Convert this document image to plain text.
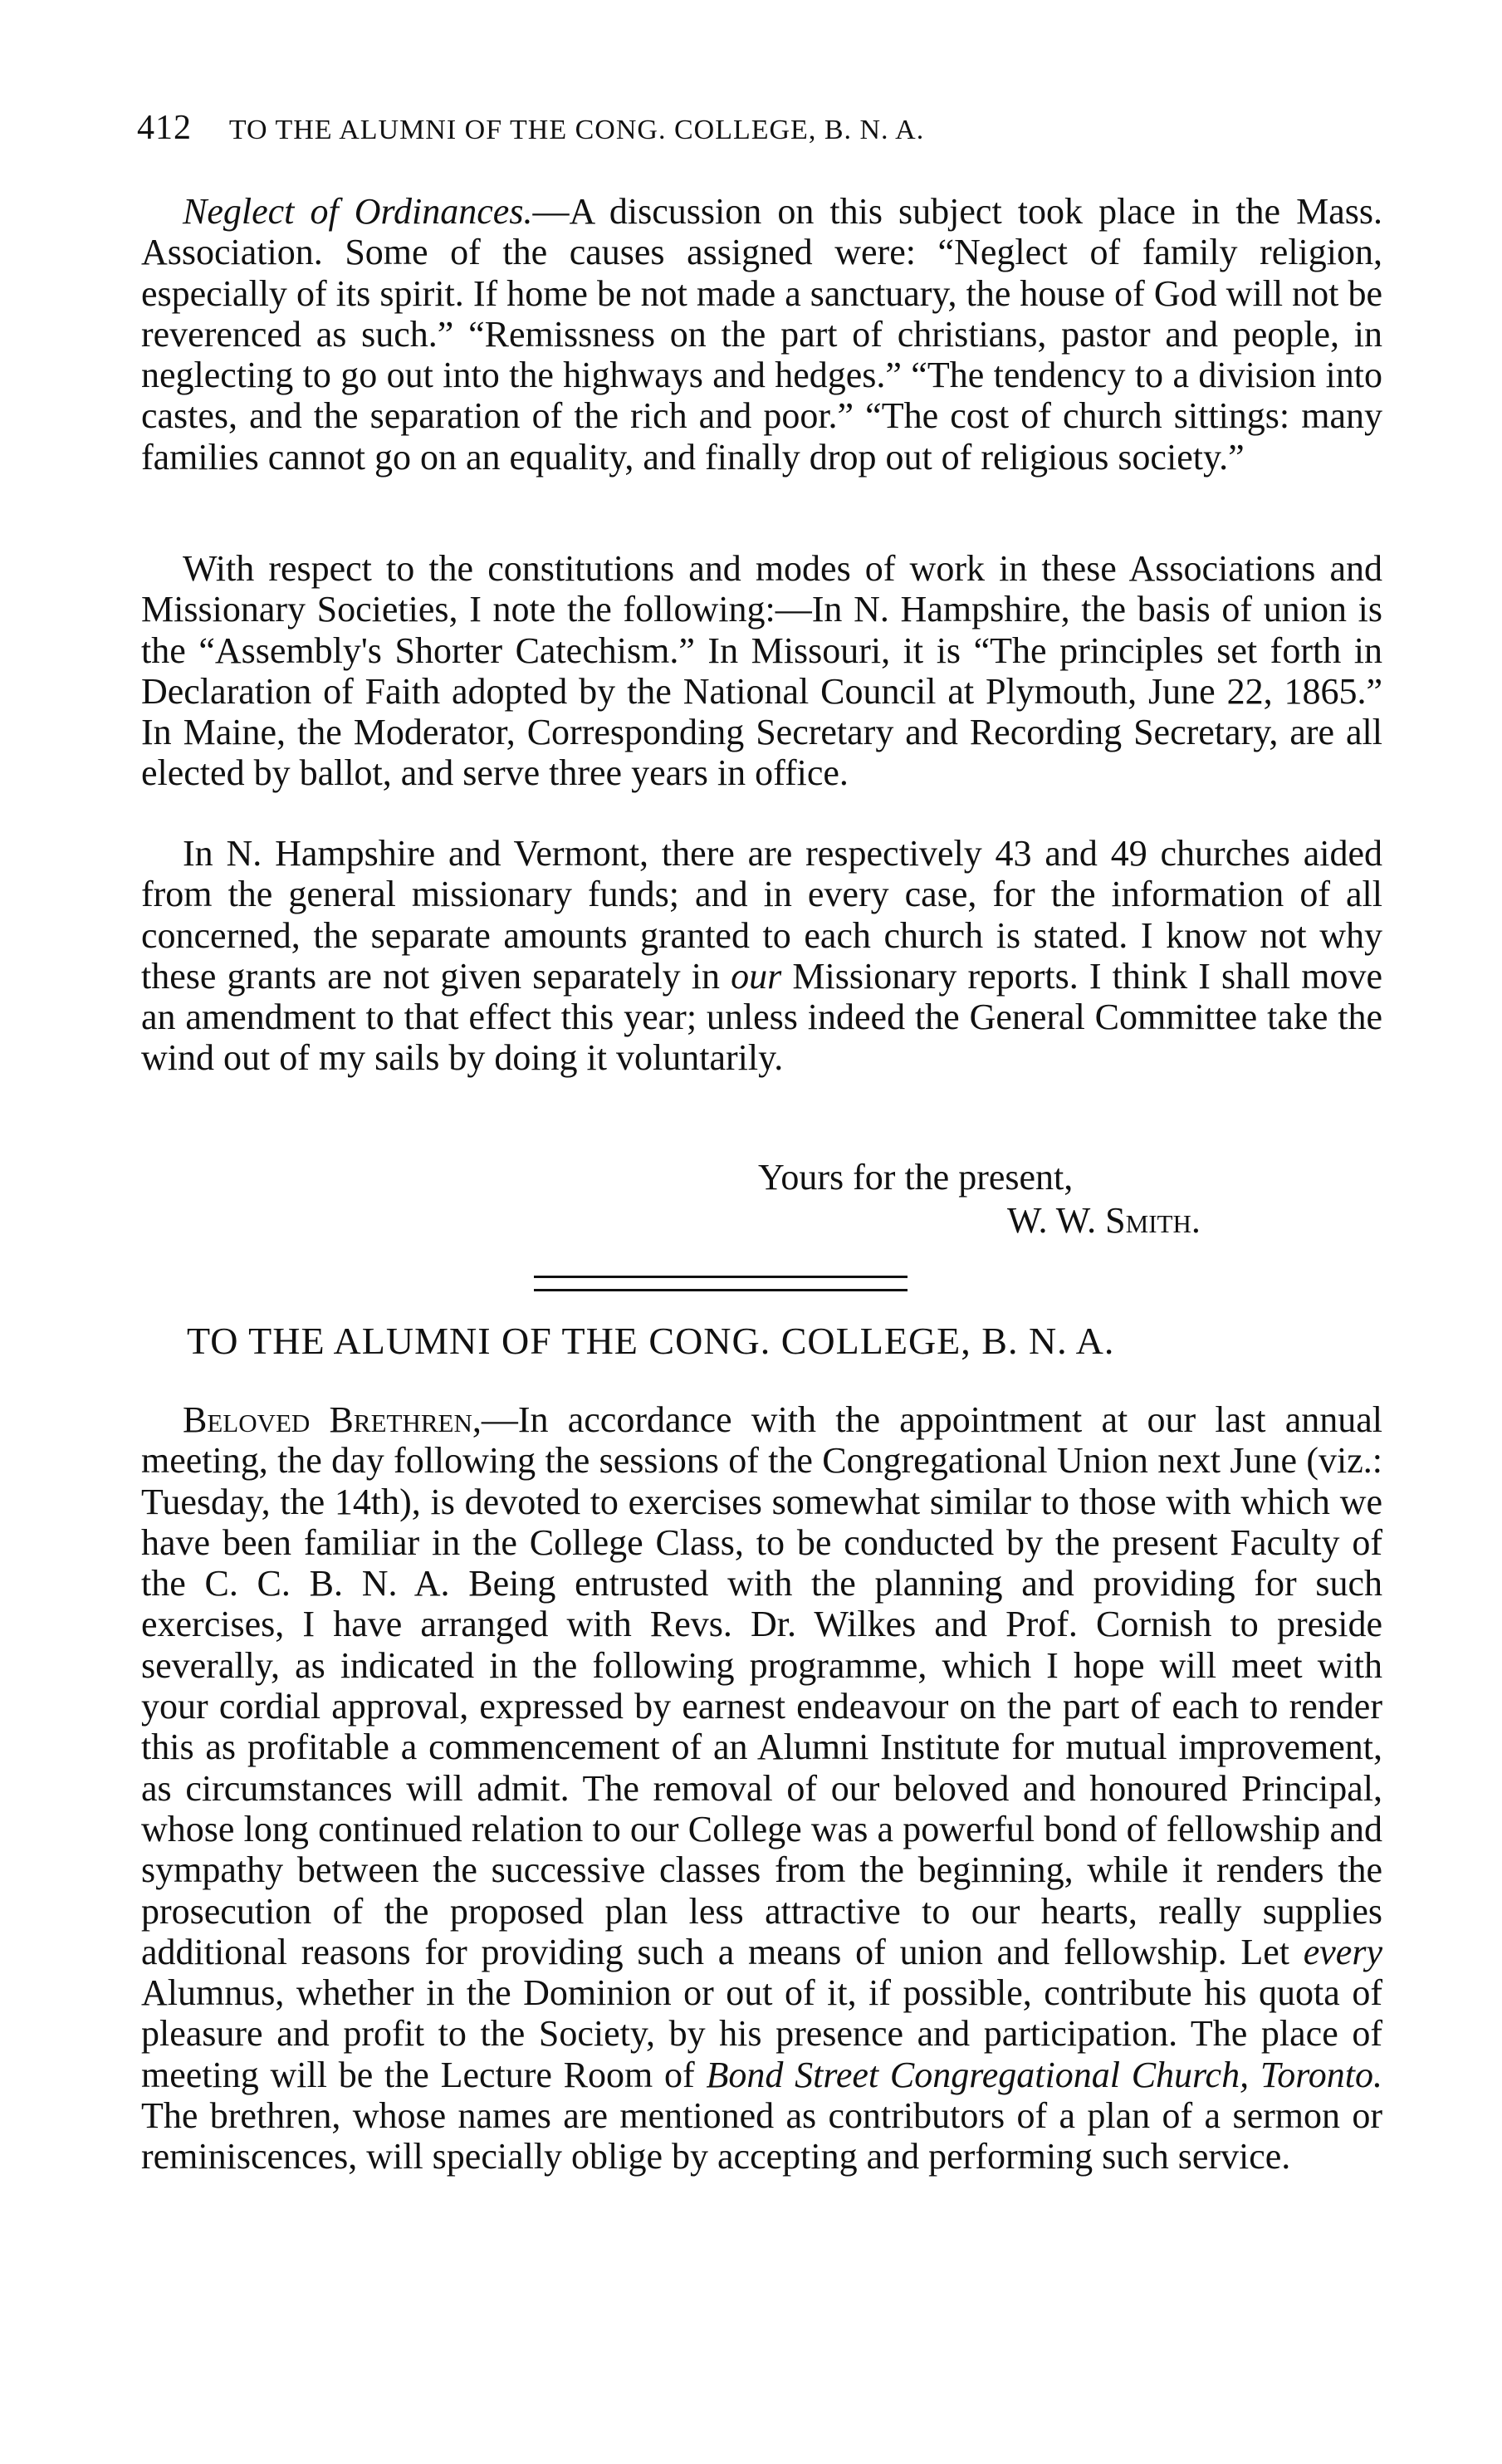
412 TO THE ALUMNI OF THE CONG. COLLEGE, B. N. A.

Neglect of Ordinances.—A discussion on this subject took place in the Mass. Association. Some of the causes assigned were: “Neglect of family religion, especially of its spirit. If home be not made a sanctuary, the house of God will not be reverenced as such.” “Remissness on the part of christians, pastor and people, in neglecting to go out into the highways and hedges.” “The tendency to a division into castes, and the separation of the rich and poor.” “The cost of church sittings: many families cannot go on an equality, and finally drop out of religious society.”

With respect to the constitutions and modes of work in these Associations and Missionary Societies, I note the following:—In N. Hampshire, the basis of union is the “Assembly's Shorter Catechism.” In Missouri, it is “The principles set forth in Declaration of Faith adopted by the National Council at Plymouth, June 22, 1865.” In Maine, the Moderator, Corresponding Secretary and Recording Secretary, are all elected by ballot, and serve three years in office.

In N. Hampshire and Vermont, there are respectively 43 and 49 churches aided from the general missionary funds; and in every case, for the information of all concerned, the separate amounts granted to each church is stated. I know not why these grants are not given separately in our Missionary reports. I think I shall move an amendment to that effect this year; unless indeed the General Committee take the wind out of my sails by doing it voluntarily.

Yours for the present,
W. W. Smith.
TO THE ALUMNI OF THE CONG. COLLEGE, B. N. A.

Beloved Brethren,—In accordance with the appointment at our last annual meeting, the day following the sessions of the Congregational Union next June (viz.: Tuesday, the 14th), is devoted to exercises somewhat similar to those with which we have been familiar in the College Class, to be conducted by the present Faculty of the C. C. B. N. A. Being entrusted with the planning and providing for such exercises, I have arranged with Revs. Dr. Wilkes and Prof. Cornish to preside severally, as indicated in the following programme, which I hope will meet with your cordial approval, expressed by earnest endeavour on the part of each to render this as profitable a commencement of an Alumni Institute for mutual improvement, as circumstances will admit. The removal of our beloved and honoured Principal, whose long continued relation to our College was a powerful bond of fellowship and sympathy between the successive classes from the beginning, while it renders the prosecution of the proposed plan less attractive to our hearts, really supplies additional reasons for providing such a means of union and fellowship. Let every Alumnus, whether in the Dominion or out of it, if possible, contribute his quota of pleasure and profit to the Society, by his presence and participation. The place of meeting will be the Lecture Room of Bond Street Congregational Church, Toronto. The brethren, whose names are mentioned as contributors of a plan of a sermon or reminiscences, will specially oblige by accepting and performing such service.
